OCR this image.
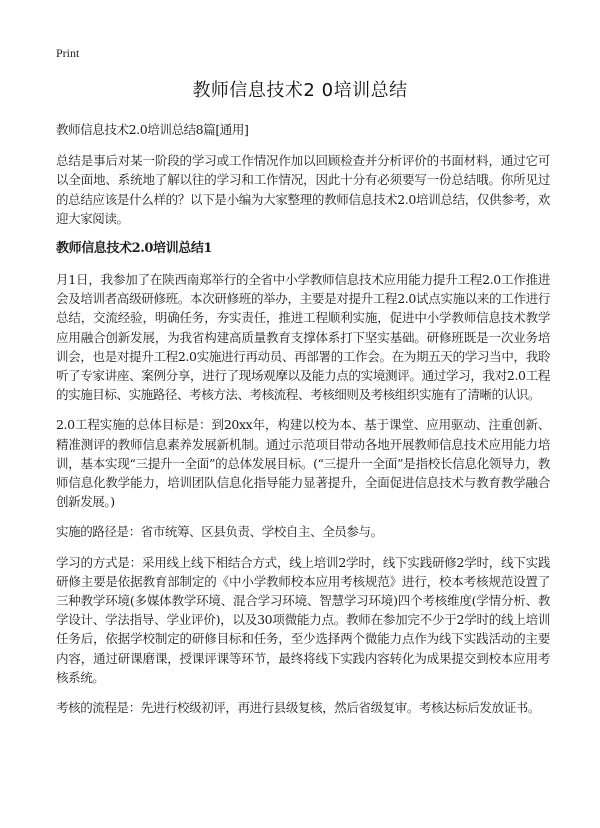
Print
教师信息技术2 0培训总结

教师信息技术2.0培训总结8篇[通用]

总结是事后对某一阶段的学习或工作情况作加以回顾检查并分析评价的书面材料，通过它可以全面地、系统地了解以往的学习和工作情况，因此十分有必须要写一份总结哦。你所见过的总结应该是什么样的？以下是小编为大家整理的教师信息技术2.0培训总结，仅供参考，欢迎大家阅读。

教师信息技术2.0培训总结1

月1日，我参加了在陕西南郑举行的全省中小学教师信息技术应用能力提升工程2.0工作推进会及培训者高级研修班。本次研修班的举办，主要是对提升工程2.0试点实施以来的工作进行总结，交流经验，明确任务，夯实责任，推进工程顺利实施，促进中小学教师信息技术教学应用融合创新发展，为我省构建高质量教育支撑体系打下坚实基础。研修班既是一次业务培训会，也是对提升工程2.0实施进行再动员、再部署的工作会。在为期五天的学习当中，我聆听了专家讲座、案例分享，进行了现场观摩以及能力点的实境测评。通过学习，我对2.0工程的实施目标、实施路径、考核方法、考核流程、考核细则及考核组织实施有了清晰的认识。

2.0工程实施的总体目标是：到20xx年，构建以校为本、基于课堂、应用驱动、注重创新、精准测评的教师信息素养发展新机制。通过示范项目带动各地开展教师信息技术应用能力培训，基本实现“三提升一全面”的总体发展目标。(“三提升一全面”是指校长信息化领导力，教师信息化教学能力，培训团队信息化指导能力显著提升，全面促进信息技术与教育教学融合创新发展。)

实施的路径是：省市统筹、区县负责、学校自主、全员参与。

学习的方式是：采用线上线下相结合方式，线上培训2学时，线下实践研修2学时，线下实践研修主要是依据教育部制定的《中小学教师校本应用考核规范》进行，校本考核规范设置了三种教学环境(多媒体教学环境、混合学习环境、智慧学习环境)四个考核维度(学情分析、教学设计、学法指导、学业评价)，以及30项微能力点。教师在参加完不少于2学时的线上培训任务后，依据学校制定的研修目标和任务，至少选择两个微能力点作为线下实践活动的主要内容，通过研课磨课，授课评课等环节，最终将线下实践内容转化为成果提交到校本应用考核系统。

考核的流程是：先进行校级初评，再进行县级复核，然后省级复审。考核达标后发放证书。
